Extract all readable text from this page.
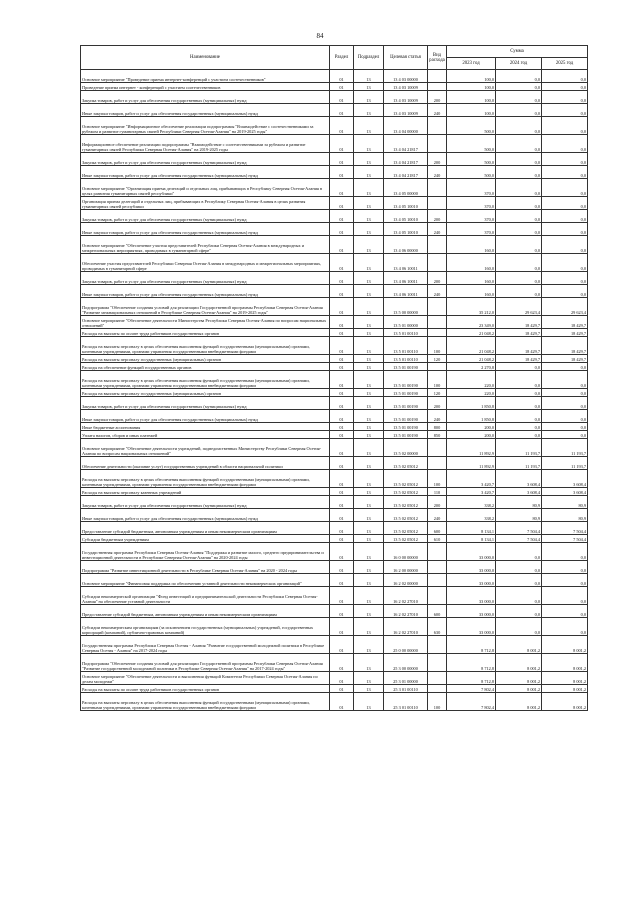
84
Наименование	Раздел	Подраздел	Целевая статья	Вид расхода	Сумма		
					2023 год	2024 год	2025 год
Основное мероприятие "Проведение приема интернет-конференций с участием соотечественников"	01	13	13 4 03 00000		100,0	0,0	0,0
Проведение приема интернет - конференций с участием соотечественников	01	13	13 4 03 10009		100,0	0,0	0,0
Закупка товаров, работ и услуг для обеспечения государственных (муниципальных) нужд	01	13	13 4 03 10009	200	100,0	0,0	0,0
Иные закупки товаров, работ и услуг для обеспечения государственных (муниципальных) нужд	01	13	13 4 03 10009	240	100,0	0,0	0,0
Основное мероприятие "Информационное обеспечение реализации подпрограммы "Взаимодействие с соотечественниками за рубежом и развитие гуманитарных связей Республики Северная Осетия-Алания" на 2019-2025 годы"	01	13	13 4 04 00000		500,0	0,0	0,0
Информационное обеспечение реализации подпрограммы "Взаимодействие с соотечественниками за рубежом и развитие гуманитарных связей Республики Северная Осетия-Алания" на 2019-2025 годы	01	13	13 4 04 21817		500,0	0,0	0,0
Закупка товаров, работ и услуг для обеспечения государственных (муниципальных) нужд	01	13	13 4 04 21817	200	500,0	0,0	0,0
Иные закупки товаров, работ и услуг для обеспечения государственных (муниципальных) нужд	01	13	13 4 04 21817	240	500,0	0,0	0,0
Основное мероприятие "Организация приема делегаций и отдельных лиц, прибывающих в Республику Северная Осетия-Алания в целях развития гуманитарных связей республики"	01	13	13 4 05 00000		370,0	0,0	0,0
Организация приема делегаций и отдельных лиц, прибывающих в Республику Северная Осетия-Алания в целях развития гуманитарных связей республики	01	13	13 4 05 10010		370,0	0,0	0,0
Закупка товаров, работ и услуг для обеспечения государственных (муниципальных) нужд	01	13	13 4 05 10010	200	370,0	0,0	0,0
Иные закупки товаров, работ и услуг для обеспечения государственных (муниципальных) нужд	01	13	13 4 05 10010	240	370,0	0,0	0,0
Основное мероприятие "Обеспечение участия представителей Республики Северная Осетия-Алания в международных и межрегиональных мероприятиях, проводимых в гуманитарной сфере"	01	13	13 4 06 00000		160,0	0,0	0,0
Обеспечение участия представителей Республики Северная Осетия-Алания в международных и межрегиональных мероприятиях, проводимых в гуманитарной сфере	01	13	13 4 06 10011		160,0	0,0	0,0
Закупка товаров, работ и услуг для обеспечения государственных (муниципальных) нужд	01	13	13 4 06 10011	200	160,0	0,0	0,0
Иные закупки товаров, работ и услуг для обеспечения государственных (муниципальных) нужд	01	13	13 4 06 10011	240	160,0	0,0	0,0
Подпрограмма "Обеспечение создания условий для реализации Государственной программы Республики Северная Осетия-Алания "Развитие межнациональных отношений в Республике Северная Осетия-Алания" на 2019-2025 годы"	01	13	13 5 00 00000		35 212,0	29 623,4	29 623,4
Основное мероприятие "Обеспечение деятельности Министерства Республики Северная Осетия-Алания по вопросам национальных отношений"	01	13	13 5 01 00000		23 349,0	18 429,7	18 429,7
Расходы на выплаты по оплате труда работников государственных органов	01	13	13 5 01 00110		21 048,2	18 429,7	18 429,7
Расходы на выплаты персоналу в целях обеспечения выполнения функций государственными (муниципальными) органами, казенными учреждениями, органами управления государственными внебюджетными фондами	01	13	13 5 01 00110	100	21 048,2	18 429,7	18 429,7
Расходы на выплаты персоналу государственных (муниципальных) органов	01	13	13 5 01 00110	120	21 048,2	18 429,7	18 429,7
Расходы на обеспечение функций государственных органов	01	13	13 5 01 00190		2 270,8	0,0	0,0
Расходы на выплаты персоналу в целях обеспечения выполнения функций государственными (муниципальными) органами, казенными учреждениями, органами управления государственными внебюджетными фондами	01	13	13 5 01 00190	100	220,0	0,0	0,0
Расходы на выплаты персоналу государственных (муниципальных) органов	01	13	13 5 01 00190	120	220,0	0,0	0,0
Закупка товаров, работ и услуг для обеспечения государственных (муниципальных) нужд	01	13	13 5 01 00190	200	1 850,8	0,0	0,0
Иные закупки товаров, работ и услуг для обеспечения государственных (муниципальных) нужд	01	13	13 5 01 00190	240	1 850,8	0,0	0,0
Иные бюджетные ассигнования	01	13	13 5 01 00190	800	200,0	0,0	0,0
Уплата налогов, сборов и иных платежей	01	13	13 5 01 00190	850	200,0	0,0	0,0
Основное мероприятие "Обеспечение деятельности учреждений, подведомственных Министерству Республики Северная Осетия-Алания по вопросам национальных отношений"	01	13	13 5 02 00000		11 892,9	11 193,7	11 193,7
Обеспечение деятельности (оказание услуг) государственных учреждений в области национальной политики	01	13	13 5 02 05012		11 892,9	11 193,7	11 193,7
Расходы на выплаты персоналу в целях обеспечения выполнения функций государственными (муниципальными) органами, казенными учреждениями, органами управления государственными внебюджетными фондами	01	13	13 5 02 05012	100	3 420,7	3 608,4	3 608,4
Расходы на выплаты персоналу казенных учреждений	01	13	13 5 02 05012	110	3 420,7	3 608,4	3 608,4
Закупка товаров, работ и услуг для обеспечения государственных (муниципальных) нужд	01	13	13 5 02 05012	200	338,2	80,9	80,9
Иные закупки товаров, работ и услуг для обеспечения государственных (муниципальных) нужд	01	13	13 5 02 05012	240	338,2	80,9	80,9
Предоставление субсидий бюджетным, автономным учреждениям и иным некоммерческим организациям	01	13	13 5 02 05012	600	8 134,1	7 504,4	7 504,4
Субсидии бюджетным учреждениям	01	13	13 5 02 05012	610	8 134,1	7 504,4	7 504,4
Государственная программа Республики Северная Осетия-Алания "Поддержка и развитие малого, среднего предпринимательства и инвестиционной деятельности в Республике Северная Осетия-Алания" на 2020-2024 годы	01	13	16 0 00 00000		33 000,0	0,0	0,0
Подпрограмма "Развитие инвестиционной деятельности в Республике Северная Осетия-Алания" на 2020 - 2024 годы	01	13	16 2 00 00000		33 000,0	0,0	0,0
Основное мероприятие "Финансовая поддержка по обеспечению уставной деятельности некоммерческих организаций"	01	13	16 2 02 00000		33 000,0	0,0	0,0
Субсидии некоммерческой организации "Фонд инвестиций и предпринимательской деятельности Республики Северная Осетия-Алания" на обеспечение уставной деятельности	01	13	16 2 02 27010		33 000,0	0,0	0,0
Предоставление субсидий бюджетным, автономным учреждениям и иным некоммерческим организациям	01	13	16 2 02 27010	600	33 000,0	0,0	0,0
Субсидии некоммерческим организациям (за исключением государственных (муниципальных) учреждений, государственных корпораций (компаний), публично-правовых компаний)	01	13	16 2 02 27010	630	33 000,0	0,0	0,0
Государственная программа Республики Северная Осетия - Алания "Развитие государственной молодежной политики в Республике Северная Осетия - Алания" на 2017-2024 годы	01	13	25 0 00 00000		8 712,8	8 001,2	8 001,2
Подпрограмма "Обеспечение создания условий для реализации Государственной программы Республики Северная Осетия-Алания "Развитие государственной молодежной политики в Республике Северная Осетия-Алания" на 2017-2024 годы"	01	13	25 3 00 00000		8 712,8	8 001,2	8 001,2
Основное мероприятие "Обеспечение деятельности и выполнения функций Комитетом Республики Северная Осетия-Алания по делам молодежи"	01	13	25 3 01 00000		8 712,8	8 001,2	8 001,2
Расходы на выплаты по оплате труда работников государственных органов	01	13	25 3 01 00110		7 802,4	8 001,2	8 001,2
Расходы на выплаты персоналу в целях обеспечения выполнения функций государственными (муниципальными) органами, казенными учреждениями, органами управления государственными внебюджетными фондами	01	13	25 3 01 00110	100	7 802,4	8 001,2	8 001,2
